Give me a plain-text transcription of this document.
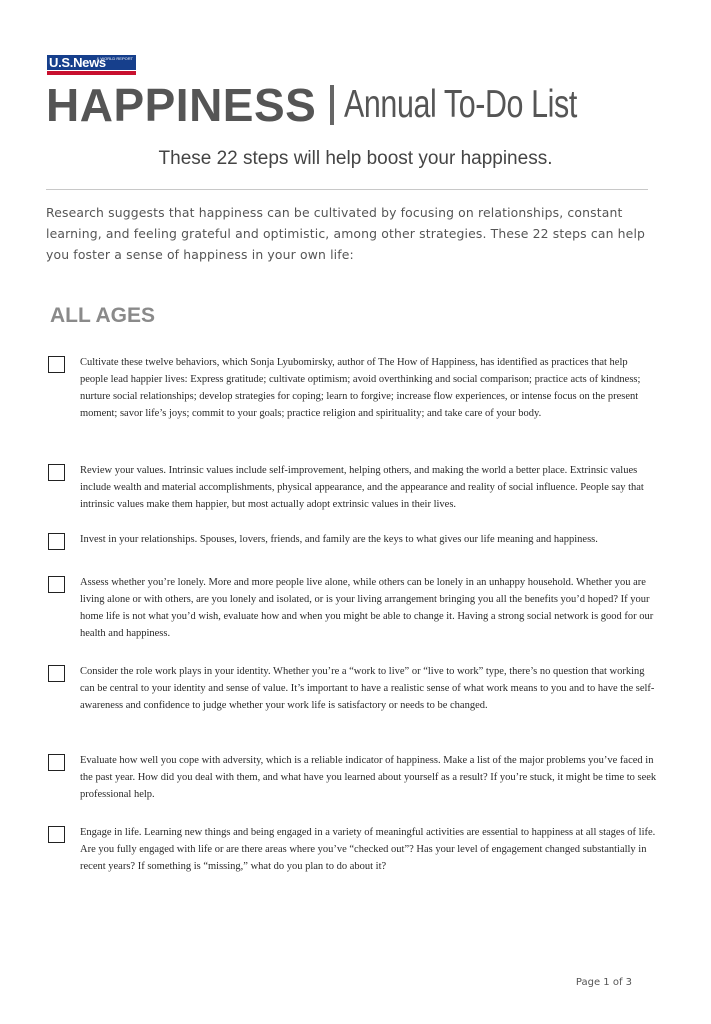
U.S.News
& WORLD REPORT
HAPPINESS Annual To-Do List
These 22 steps will help boost your happiness.
Research suggests that happiness can be cultivated by focusing on relationships, constant learning, and feeling grateful and optimistic, among other strategies. These 22 steps can help you foster a sense of happiness in your own life:
ALL AGES
Cultivate these twelve behaviors, which Sonja Lyubomirsky, author of The How of Happiness, has identified as practices that help people lead happier lives: Express gratitude; cultivate optimism; avoid overthinking and social comparison; practice acts of kindness; nurture social relationships; develop strategies for coping; learn to forgive; increase flow experiences, or intense focus on the present moment; savor life’s joys; commit to your goals; practice religion and spirituality; and take care of your body.
Review your values. Intrinsic values include self-improvement, helping others, and making the world a better place. Extrinsic values include wealth and material accomplishments, physical appearance, and the appearance and reality of social influence. People say that intrinsic values make them happier, but most actually adopt extrinsic values in their lives.
Invest in your relationships. Spouses, lovers, friends, and family are the keys to what gives our life meaning and happiness.
Assess whether you’re lonely. More and more people live alone, while others can be lonely in an unhappy household. Whether you are living alone or with others, are you lonely and isolated, or is your living arrangement bringing you all the benefits you’d hoped? If your home life is not what you’d wish, evaluate how and when you might be able to change it. Having a strong social network is good for our health and happiness.
Consider the role work plays in your identity. Whether you’re a “work to live” or “live to work” type, there’s no question that working can be central to your identity and sense of value. It’s important to have a realistic sense of what work means to you and to have the self-awareness and confidence to judge whether your work life is satisfactory or needs to be changed.
Evaluate how well you cope with adversity, which is a reliable indicator of happiness. Make a list of the major problems you’ve faced in the past year. How did you deal with them, and what have you learned about yourself as a result? If you’re stuck, it might be time to seek professional help.
Engage in life. Learning new things and being engaged in a variety of meaningful activities are essential to happiness at all stages of life. Are you fully engaged with life or are there areas where you’ve “checked out”? Has your level of engagement changed substantially in recent years? If something is “missing,” what do you plan to do about it?
Page 1 of 3
